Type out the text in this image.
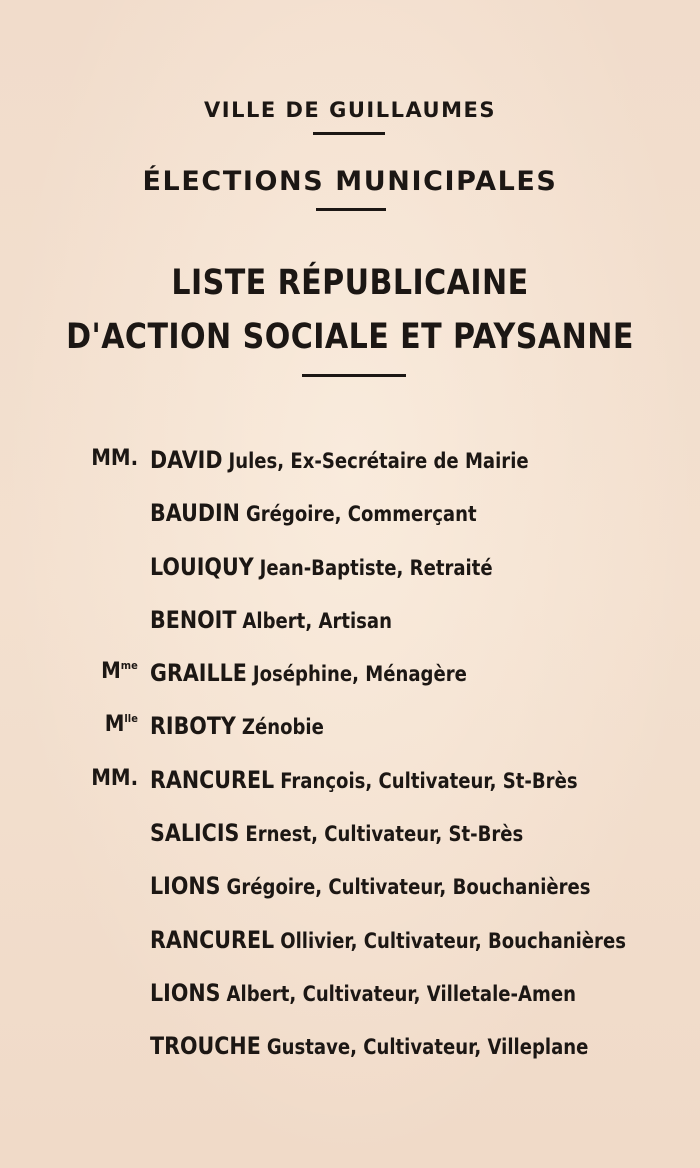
VILLE DE GUILLAUMES
ÉLECTIONS MUNICIPALES
LISTE RÉPUBLICAINE
D'ACTION SOCIALE ET PAYSANNE
MM. DAVID Jules, Ex-Secrétaire de Mairie
BAUDIN Grégoire, Commerçant
LOUIQUY Jean-Baptiste, Retraité
BENOIT Albert, Artisan
$M^{me}$ GRAILLE Joséphine, Ménagère
$M^{lle}$ RIBOTY Zénobie
MM. RANCUREL François, Cultivateur, St-Brès
SALICIS Ernest, Cultivateur, St-Brès
LIONS Grégoire, Cultivateur, Bouchanières
RANCUREL Ollivier, Cultivateur, Bouchanières
LIONS Albert, Cultivateur, Villetale-Amen
TROUCHE Gustave, Cultivateur, Villeplane
